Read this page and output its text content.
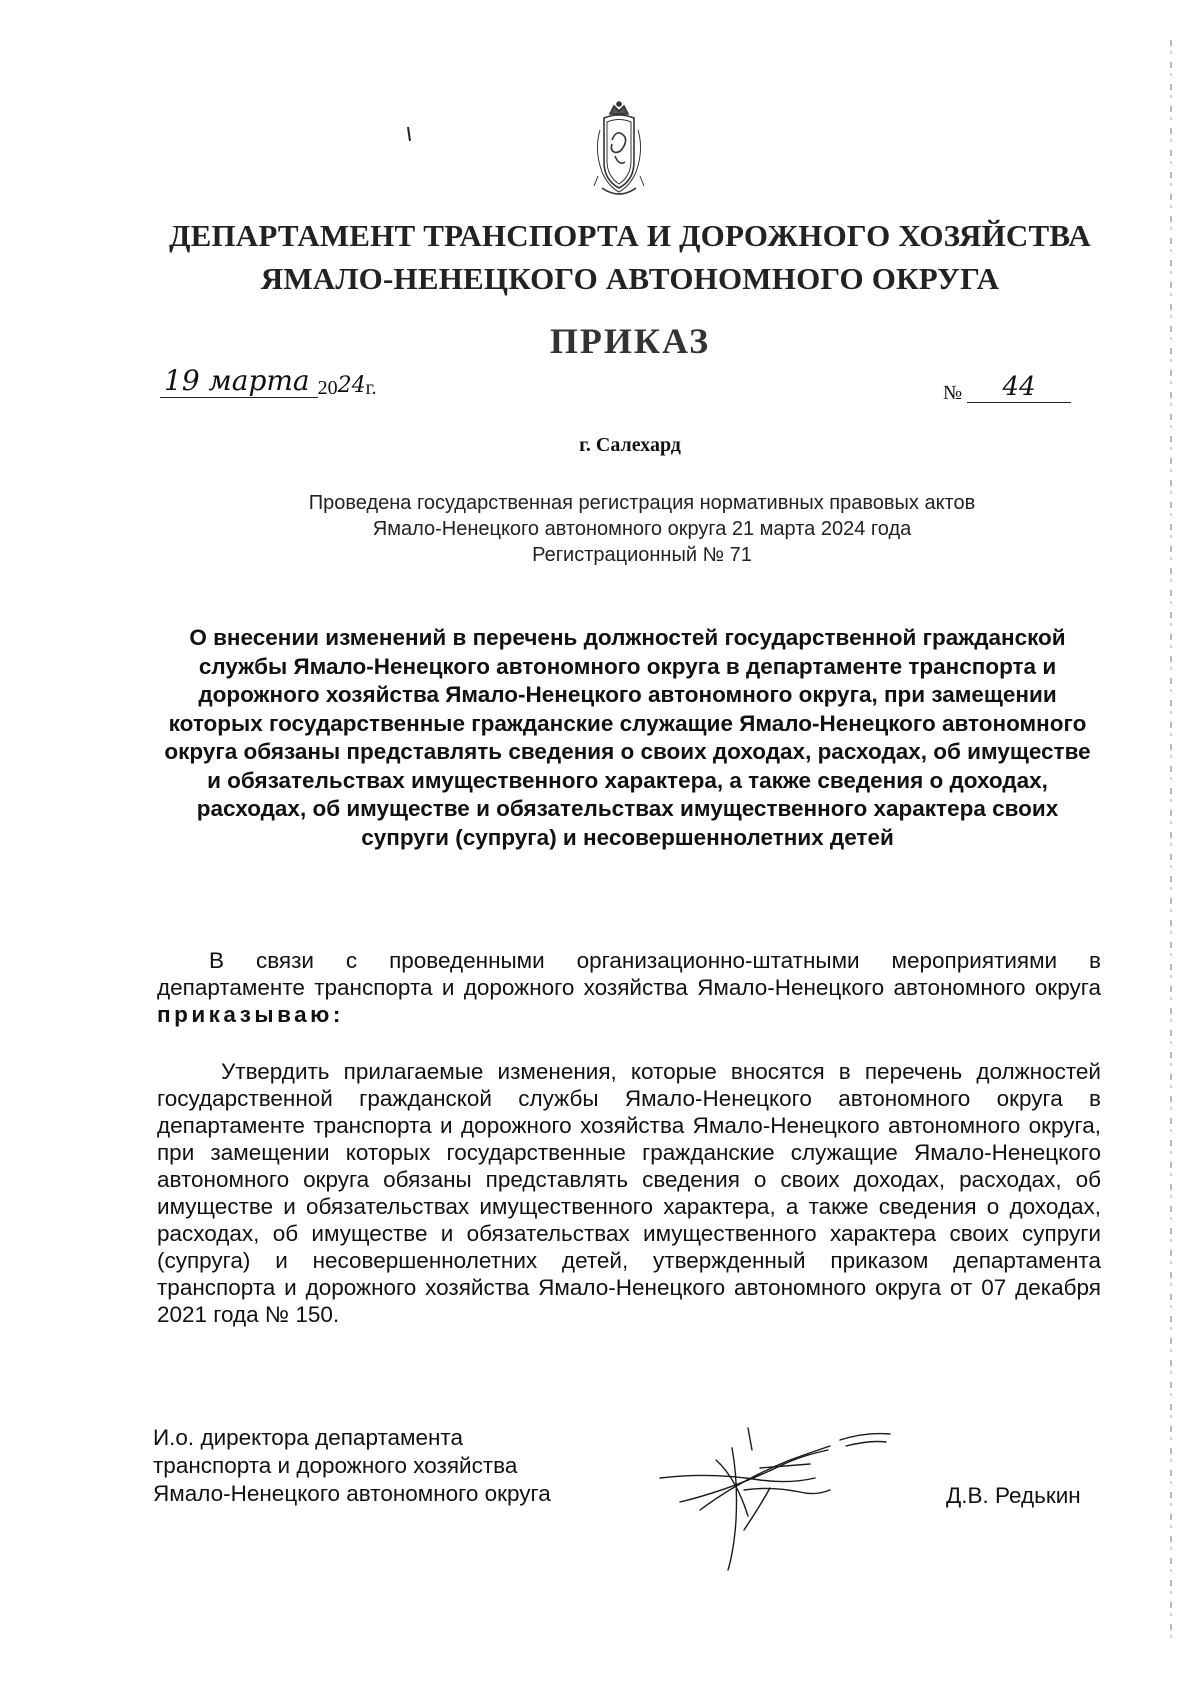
ДЕПАРТАМЕНТ ТРАНСПОРТА И ДОРОЖНОГО ХОЗЯЙСТВА
ЯМАЛО-НЕНЕЦКОГО АВТОНОМНОГО ОКРУГА
ПРИКАЗ
19 марта 2024г.	№ 44
г. Салехард
Проведена государственная регистрация нормативных правовых актов
Ямало-Ненецкого автономного округа 21 марта 2024 года
Регистрационный № 71
О внесении изменений в перечень должностей государственной гражданской службы Ямало-Ненецкого автономного округа в департаменте транспорта и дорожного хозяйства Ямало-Ненецкого автономного округа, при замещении которых государственные гражданские служащие Ямало-Ненецкого автономного округа обязаны представлять сведения о своих доходах, расходах, об имуществе и обязательствах имущественного характера, а также сведения о доходах, расходах, об имуществе и обязательствах имущественного характера своих супруги (супруга) и несовершеннолетних детей
В связи с проведенными организационно-штатными мероприятиями в департаменте транспорта и дорожного хозяйства Ямало-Ненецкого автономного округа приказываю:
Утвердить прилагаемые изменения, которые вносятся в перечень должностей государственной гражданской службы Ямало-Ненецкого автономного округа в департаменте транспорта и дорожного хозяйства Ямало-Ненецкого автономного округа, при замещении которых государственные гражданские служащие Ямало-Ненецкого автономного округа обязаны представлять сведения о своих доходах, расходах, об имуществе и обязательствах имущественного характера, а также сведения о доходах, расходах, об имуществе и обязательствах имущественного характера своих супруги (супруга) и несовершеннолетних детей, утвержденный приказом департамента транспорта и дорожного хозяйства Ямало-Ненецкого автономного округа от 07 декабря 2021 года № 150.
И.о. директора департамента
транспорта и дорожного хозяйства
Ямало-Ненецкого автономного округа	Д.В. Редькин
